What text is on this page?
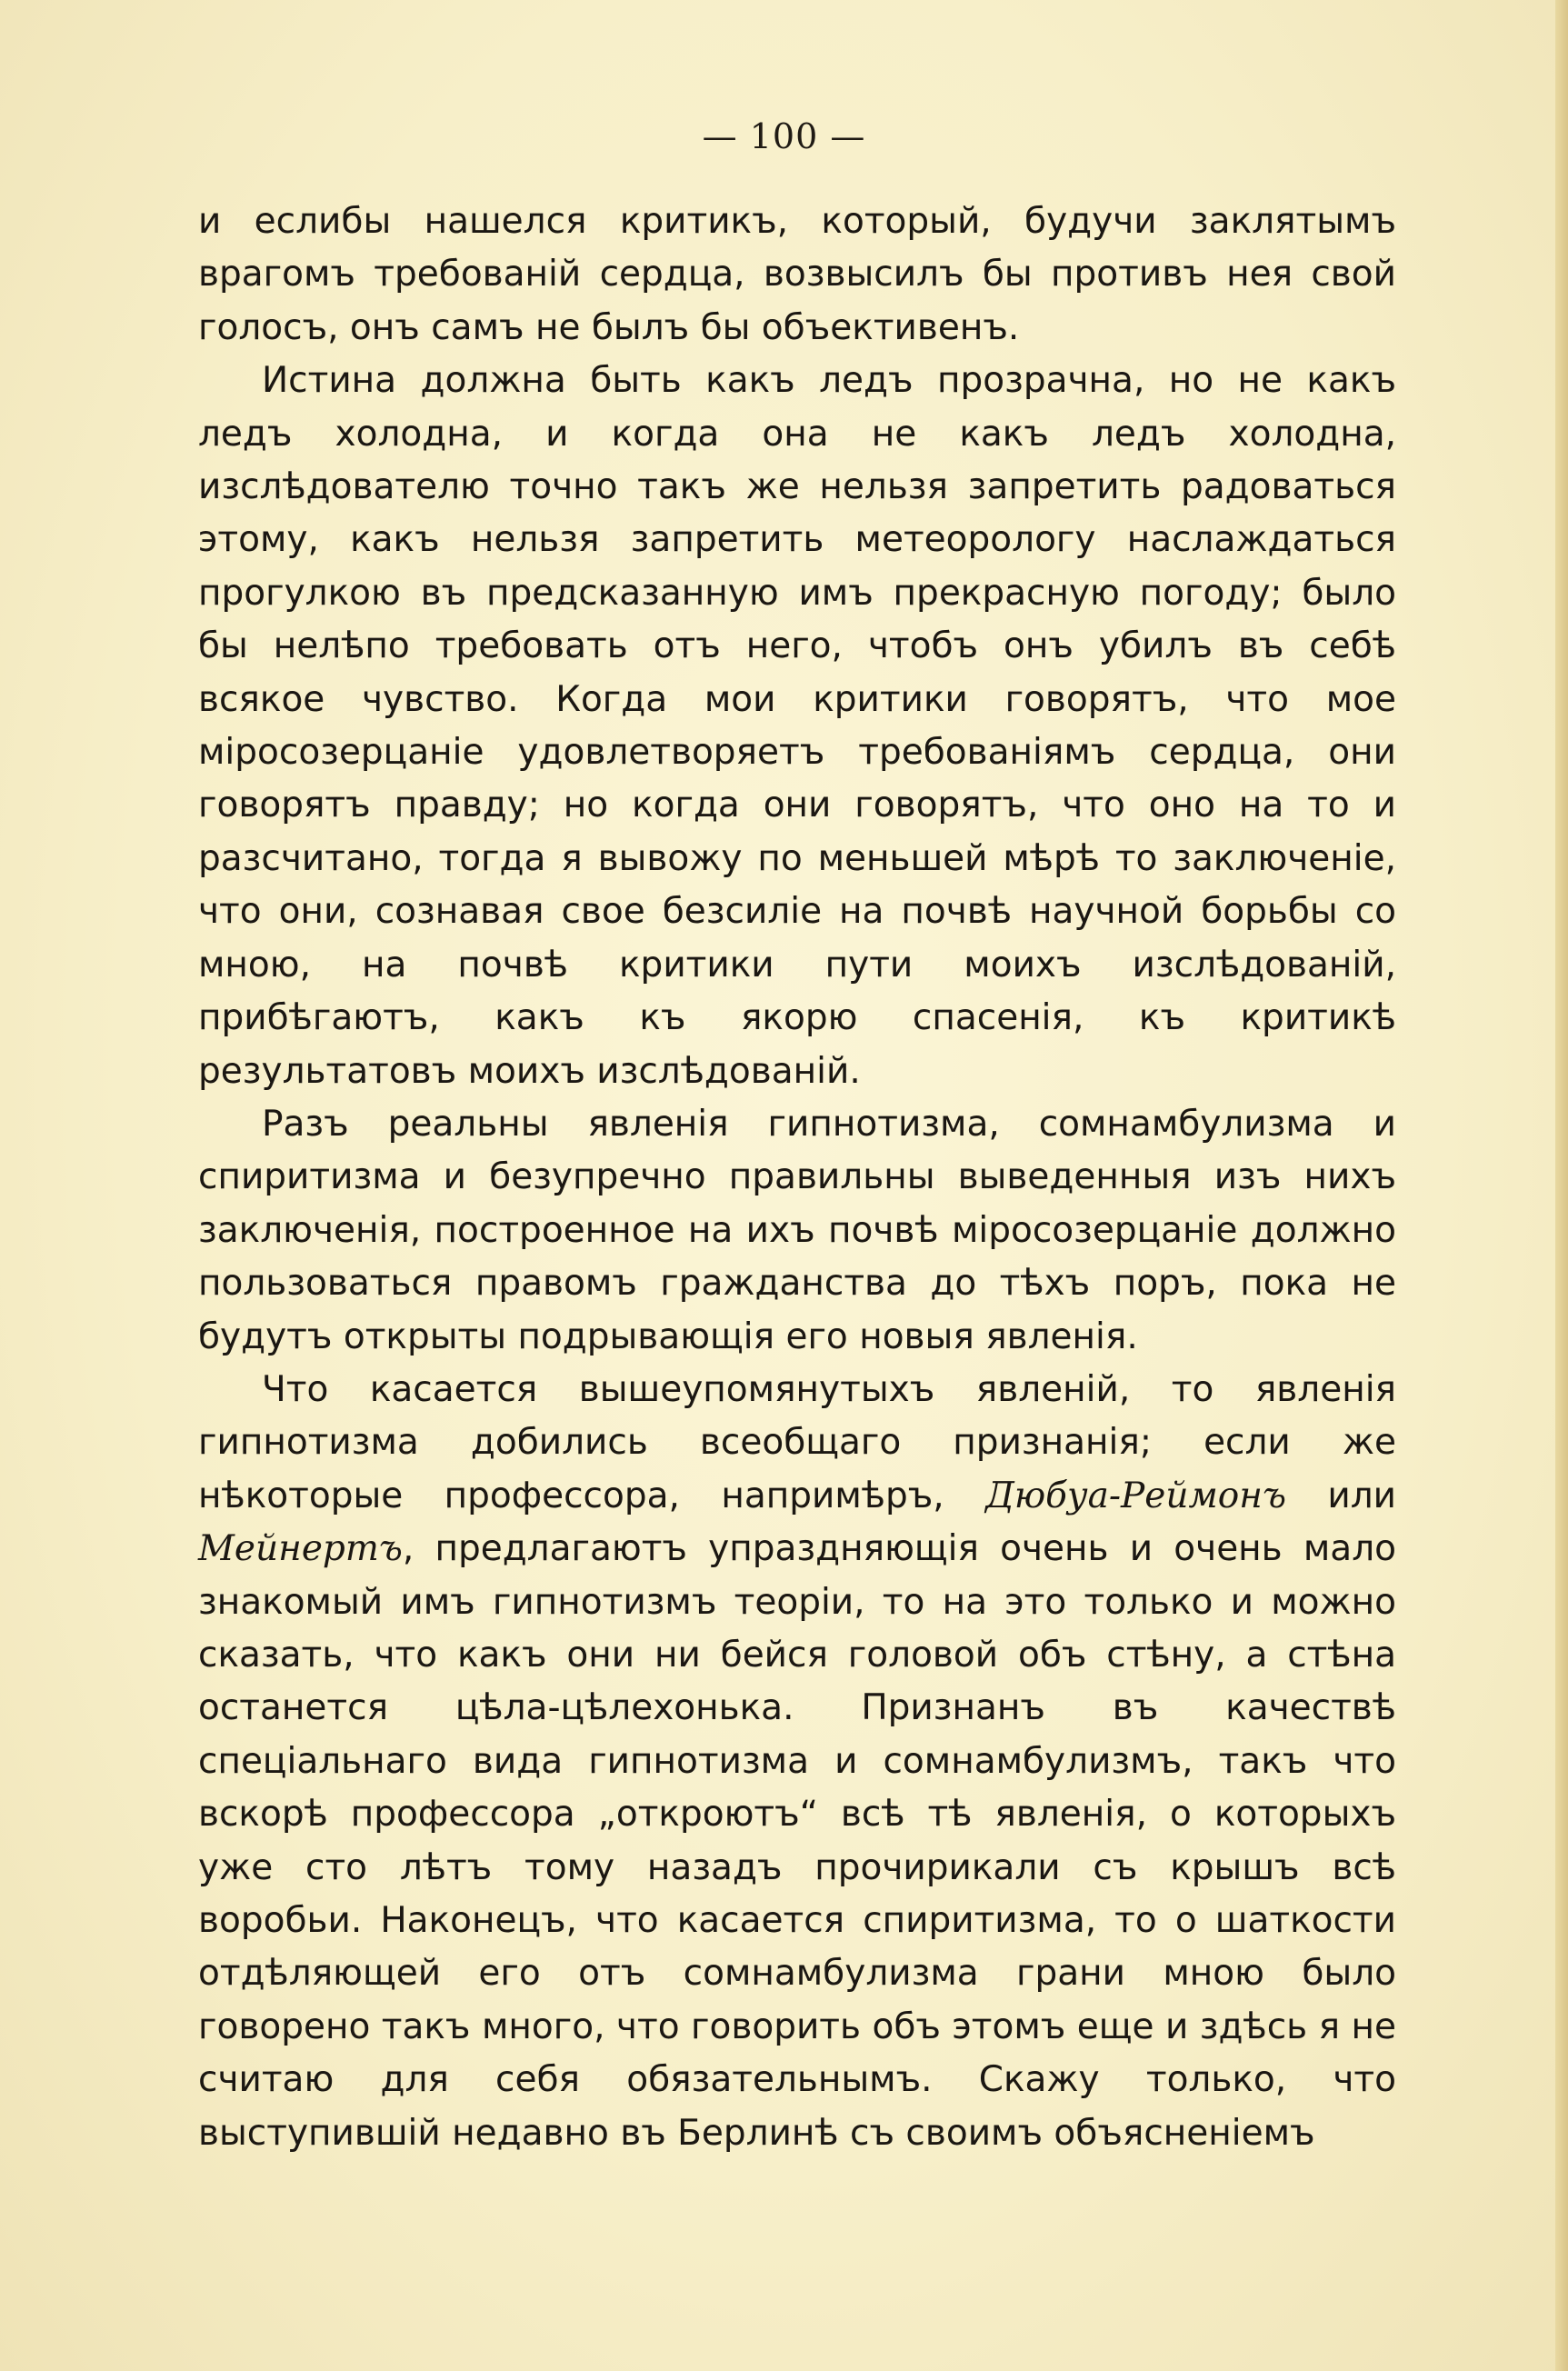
— 100 —

и еслибы нашелся критикъ, который, будучи заклятымъ врагомъ требованій сердца, возвысилъ бы противъ нея свой голосъ, онъ самъ не былъ бы объективенъ.

Истина должна быть какъ ледъ прозрачна, но не какъ ледъ холодна, и когда она не какъ ледъ холодна, изслѣдователю точно такъ же нельзя запретить радоваться этому, какъ нельзя запретить метеорологу наслаждаться прогулкою въ предсказанную имъ прекрасную погоду; было бы нелѣпо требовать отъ него, чтобъ онъ убилъ въ себѣ всякое чувство. Когда мои критики говорятъ, что мое міросозерцаніе удовлетворяетъ требованіямъ сердца, они говорятъ правду; но когда они говорятъ, что оно на то и разсчитано, тогда я вывожу по меньшей мѣрѣ то заключеніе, что они, сознавая свое безсиліе на почвѣ научной борьбы со мною, на почвѣ критики пути моихъ изслѣдованій, прибѣгаютъ, какъ къ якорю спасенія, къ критикѣ результатовъ моихъ изслѣдованій.

Разъ реальны явленія гипнотизма, сомнамбулизма и спиритизма и безупречно правильны выведенныя изъ нихъ заключенія, построенное на ихъ почвѣ міросозерцаніе должно пользоваться правомъ гражданства до тѣхъ поръ, пока не будутъ открыты подрывающія его новыя явленія.

Что касается вышеупомянутыхъ явленій, то явленія гипнотизма добились всеобщаго признанія; если же нѣкоторые профессора, напримѣръ, Дюбуа-Реймонъ или Мейнертъ, предлагаютъ упраздняющія очень и очень мало знакомый имъ гипнотизмъ теоріи, то на это только и можно сказать, что какъ они ни бейся головой объ стѣну, а стѣна останется цѣла-цѣлехонька. Признанъ въ качествѣ спеціальнаго вида гипнотизма и сомнамбулизмъ, такъ что вскорѣ профессора „откроютъ“ всѣ тѣ явленія, о которыхъ уже сто лѣтъ тому назадъ прочирикали съ крышъ всѣ воробьи. Наконецъ, что касается спиритизма, то о шаткости отдѣляющей его отъ сомнамбулизма грани мною было говорено такъ много, что говорить объ этомъ еще и здѣсь я не считаю для себя обязательнымъ. Скажу только, что выступившій недавно въ Берлинѣ съ своимъ объясненіемъ
